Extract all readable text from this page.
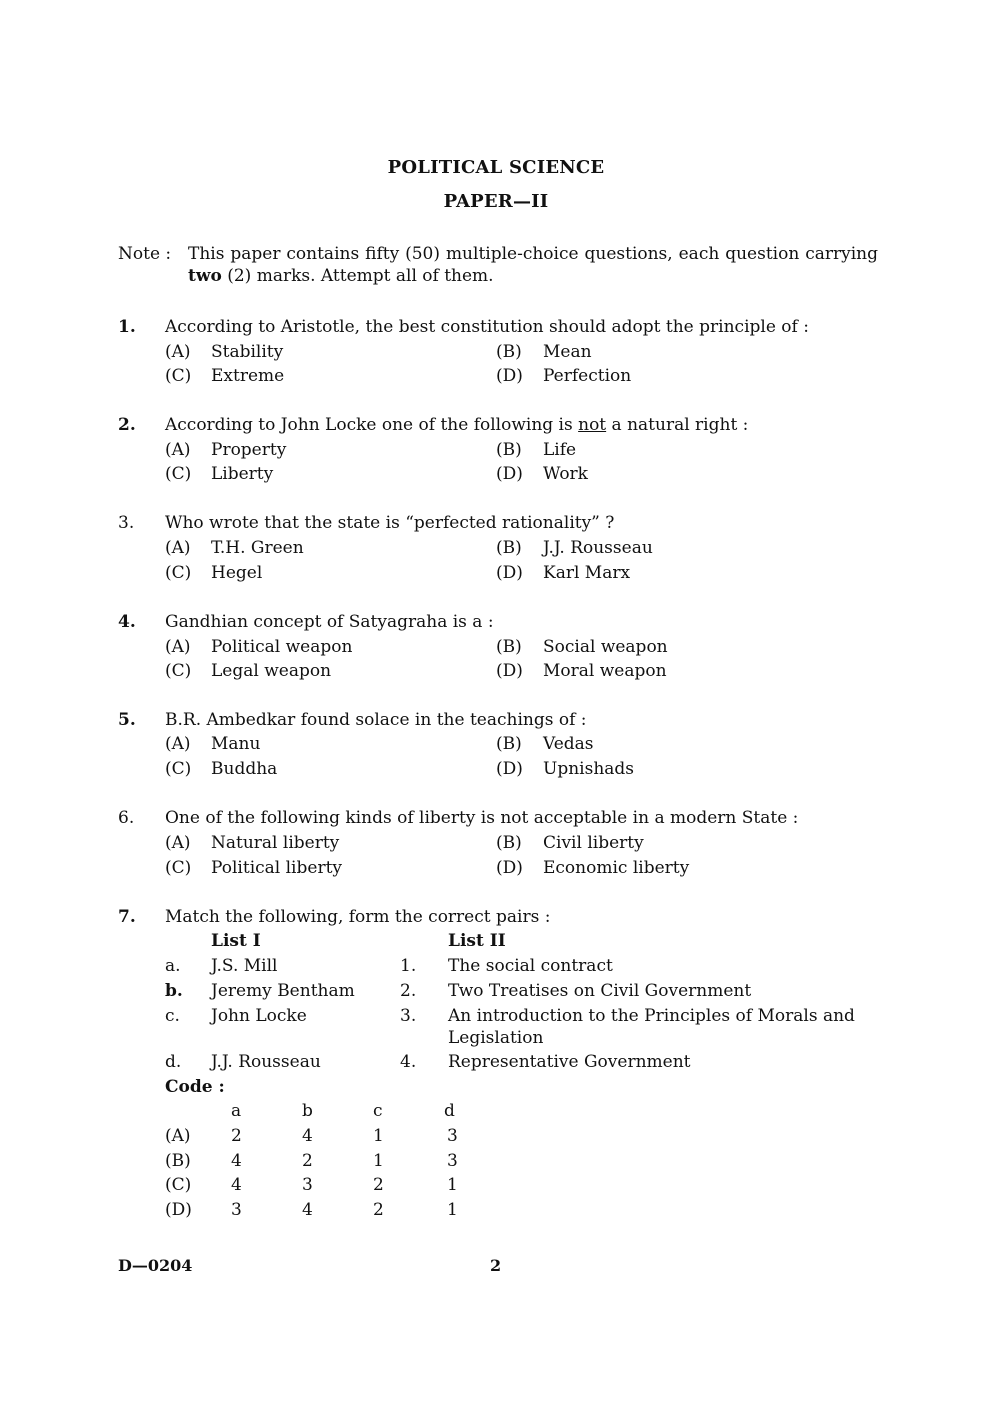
POLITICAL SCIENCE
PAPER—II
Note : This paper contains fifty (50) multiple-choice questions, each question carrying two (2) marks. Attempt all of them.
1. According to Aristotle, the best constitution should adopt the principle of :
(A) Stability	(B) Mean
(C) Extreme	(D) Perfection
2. According to John Locke one of the following is not a natural right :
(A) Property	(B) Life
(C) Liberty	(D) Work
3. Who wrote that the state is “perfected rationality” ?
(A) T.H. Green	(B) J.J. Rousseau
(C) Hegel	(D) Karl Marx
4. Gandhian concept of Satyagraha is a :
(A) Political weapon	(B) Social weapon
(C) Legal weapon	(D) Moral weapon
5. B.R. Ambedkar found solace in the teachings of :
(A) Manu	(B) Vedas
(C) Buddha	(D) Upnishads
6. One of the following kinds of liberty is not acceptable in a modern State :
(A) Natural liberty	(B) Civil liberty
(C) Political liberty	(D) Economic liberty
7. Match the following, form the correct pairs :
List I	List II
a. J.S. Mill	1. The social contract
b. Jeremy Bentham	2. Two Treatises on Civil Government
c. John Locke	3. An introduction to the Principles of Morals and
Legislation
d. J.J. Rousseau	4. Representative Government
Code :
a	b	c	d
(A) 2	4	1	3
(B) 4	2	1	3
(C) 4	3	2	1
(D) 3	4	2	1
D—0204	2
